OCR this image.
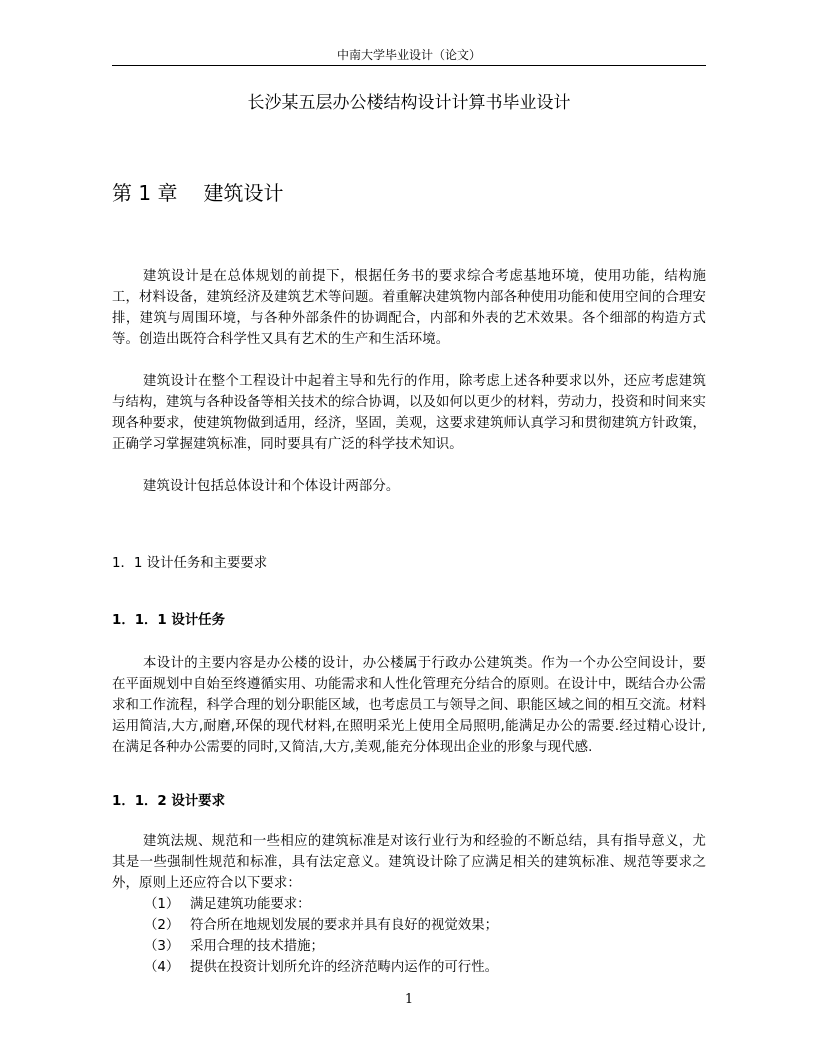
中南大学毕业设计（论文）
长沙某五层办公楼结构设计计算书毕业设计
第 1 章 建筑设计

建筑设计是在总体规划的前提下，根据任务书的要求综合考虑基地环境，使用功能，结构施工，材料设备，建筑经济及建筑艺术等问题。着重解决建筑物内部各种使用功能和使用空间的合理安排，建筑与周围环境，与各种外部条件的协调配合，内部和外表的艺术效果。各个细部的构造方式等。创造出既符合科学性又具有艺术的生产和生活环境。

建筑设计在整个工程设计中起着主导和先行的作用，除考虑上述各种要求以外，还应考虑建筑与结构，建筑与各种设备等相关技术的综合协调，以及如何以更少的材料，劳动力，投资和时间来实现各种要求，使建筑物做到适用，经济，坚固，美观，这要求建筑师认真学习和贯彻建筑方针政策，正确学习掌握建筑标准，同时要具有广泛的科学技术知识。

建筑设计包括总体设计和个体设计两部分。

1．1 设计任务和主要要求
1．1．1 设计任务

本设计的主要内容是办公楼的设计，办公楼属于行政办公建筑类。作为一个办公空间设计，要在平面规划中自始至终遵循实用、功能需求和人性化管理充分结合的原则。在设计中，既结合办公需求和工作流程，科学合理的划分职能区域，也考虑员工与领导之间、职能区域之间的相互交流。材料运用简洁,大方,耐磨,环保的现代材料,在照明采光上使用全局照明,能满足办公的需要.经过精心设计,在满足各种办公需要的同时,又简洁,大方,美观,能充分体现出企业的形象与现代感.

1．1．2 设计要求

建筑法规、规范和一些相应的建筑标准是对该行业行为和经验的不断总结，具有指导意义，尤其是一些强制性规范和标准，具有法定意义。建筑设计除了应满足相关的建筑标准、规范等要求之外，原则上还应符合以下要求：

（1） 满足建筑功能要求：
（2） 符合所在地规划发展的要求并具有良好的视觉效果；
（3） 采用合理的技术措施；
（4） 提供在投资计划所允许的经济范畴内运作的可行性。
1
